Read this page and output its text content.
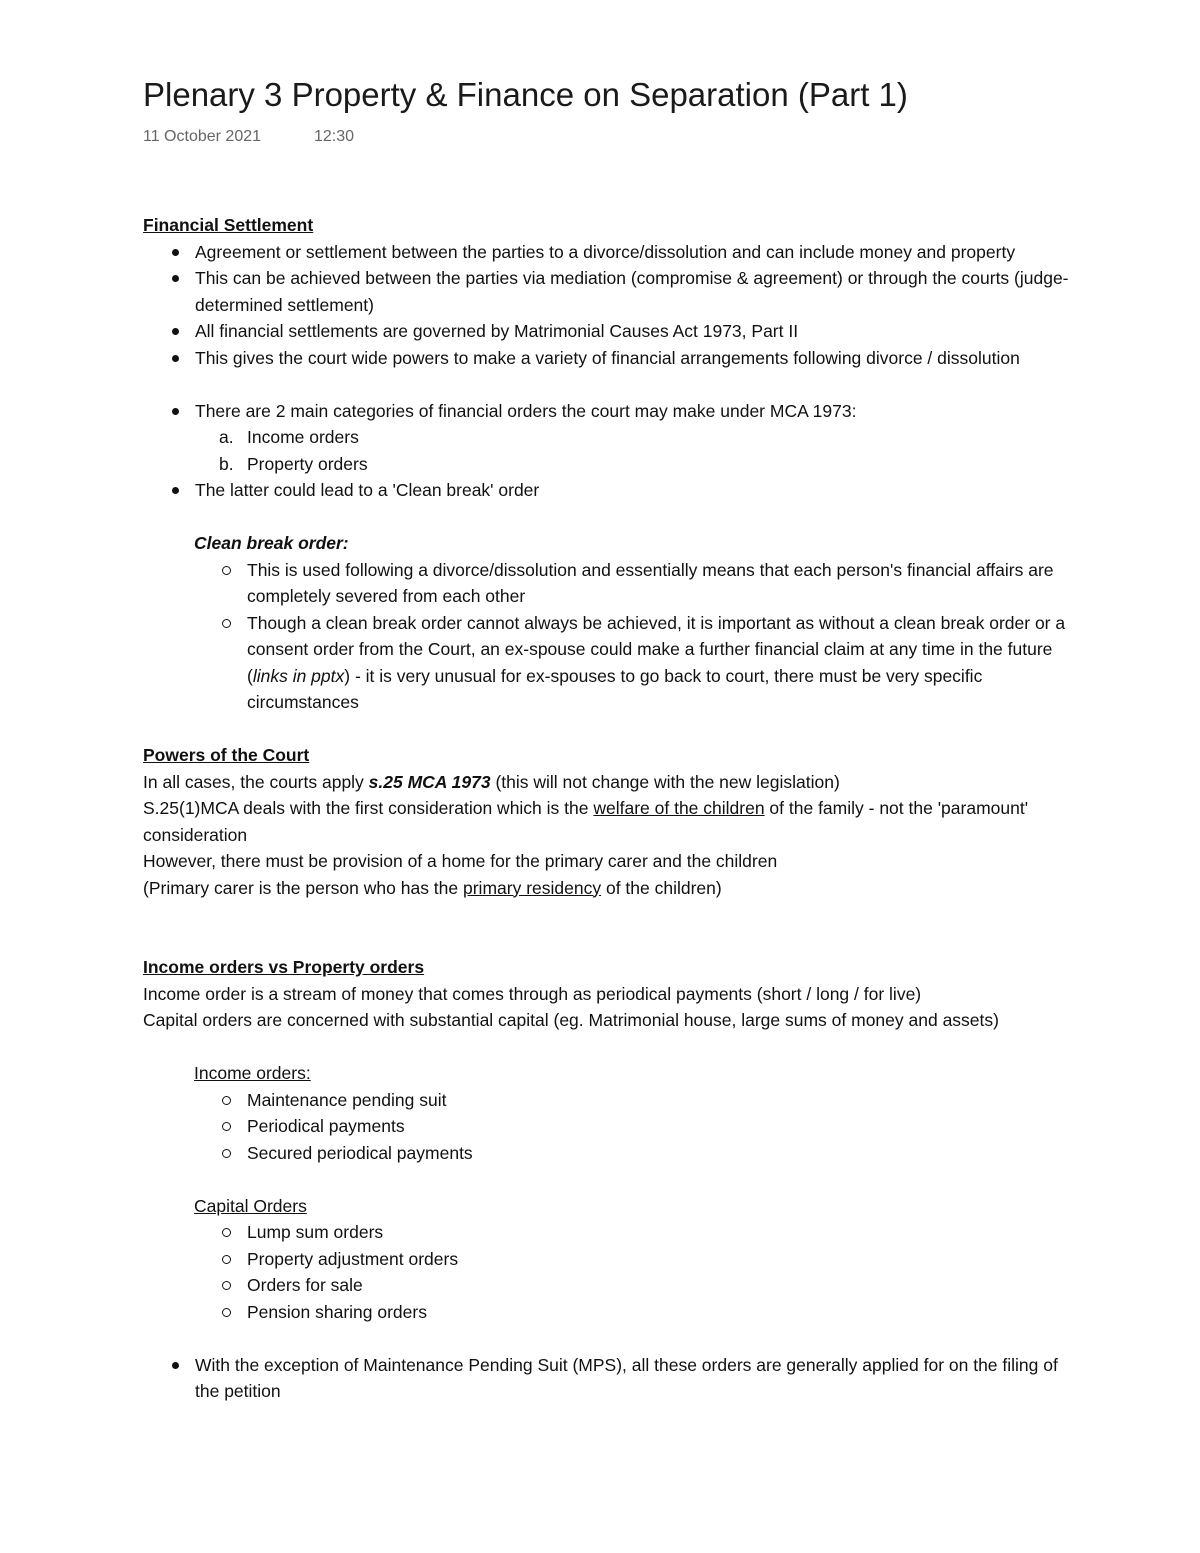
Plenary 3 Property & Finance on Separation (Part 1)
11 October 2021	12:30
Financial Settlement
Agreement or settlement between the parties to a divorce/dissolution and can include money and property
This can be achieved between the parties via mediation (compromise & agreement) or through the courts (judge-determined settlement)
All financial settlements are governed by Matrimonial Causes Act 1973, Part II
This gives the court wide powers to make a variety of financial arrangements following divorce / dissolution
There are 2 main categories of financial orders the court may make under MCA 1973:
a. Income orders
b. Property orders
The latter could lead to a 'Clean break' order
Clean break order:
This is used following a divorce/dissolution and essentially means that each person's financial affairs are completely severed from each other
Though a clean break order cannot always be achieved, it is important as without a clean break order or a consent order from the Court, an ex-spouse could make a further financial claim at any time in the future (links in pptx) - it is very unusual for ex-spouses to go back to court, there must be very specific circumstances
Powers of the Court
In all cases, the courts apply s.25 MCA 1973 (this will not change with the new legislation)
S.25(1)MCA deals with the first consideration which is the welfare of the children of the family - not the 'paramount' consideration
However, there must be provision of a home for the primary carer and the children
(Primary carer is the person who has the primary residency of the children)
Income orders vs Property orders
Income order is a stream of money that comes through as periodical payments (short / long / for live)
Capital orders are concerned with substantial capital (eg. Matrimonial house, large sums of money and assets)
Income orders:
Maintenance pending suit
Periodical payments
Secured periodical payments
Capital Orders
Lump sum orders
Property adjustment orders
Orders for sale
Pension sharing orders
With the exception of Maintenance Pending Suit (MPS), all these orders are generally applied for on the filing of the petition
